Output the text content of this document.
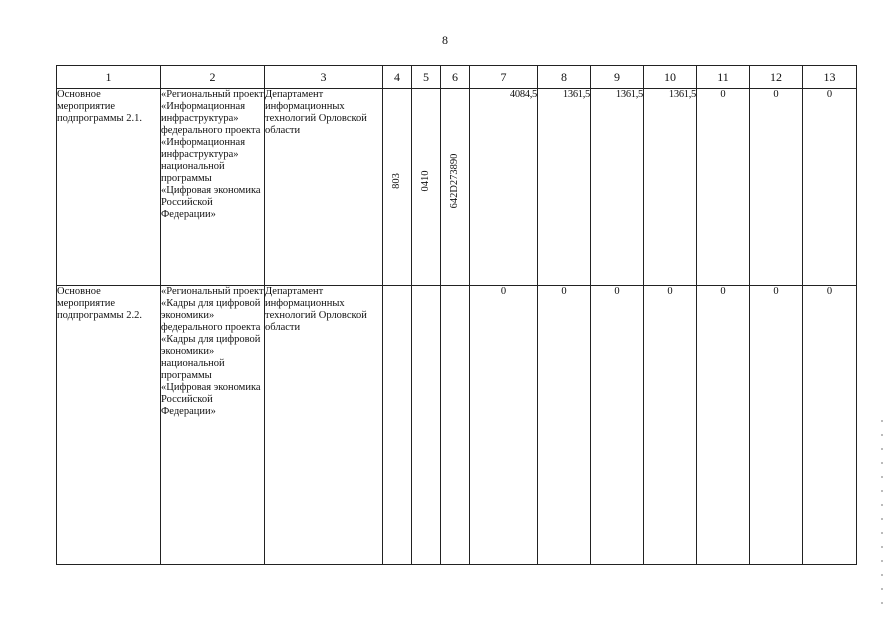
8
1	2	3	4	5	6	7	8	9	10	11	12	13
Основное мероприятие подпрограммы 2.1.	«Региональный проект «Информационная инфраструктура» федерального проекта «Информационная инфраструктура» национальной программы «Цифровая экономика Российской Федерации»	Департамент информационных технологий Орловской области	803	0410	642D273890	4084,5	1361,5	1361,5	1361,5	0	0	0
Основное мероприятие подпрограммы 2.2.	«Региональный проект «Кадры для цифровой экономики» федерального проекта «Кадры для цифровой экономики» национальной программы «Цифровая экономика Российской Федерации»	Департамент информационных технологий Орловской области				0	0	0	0	0	0	0
